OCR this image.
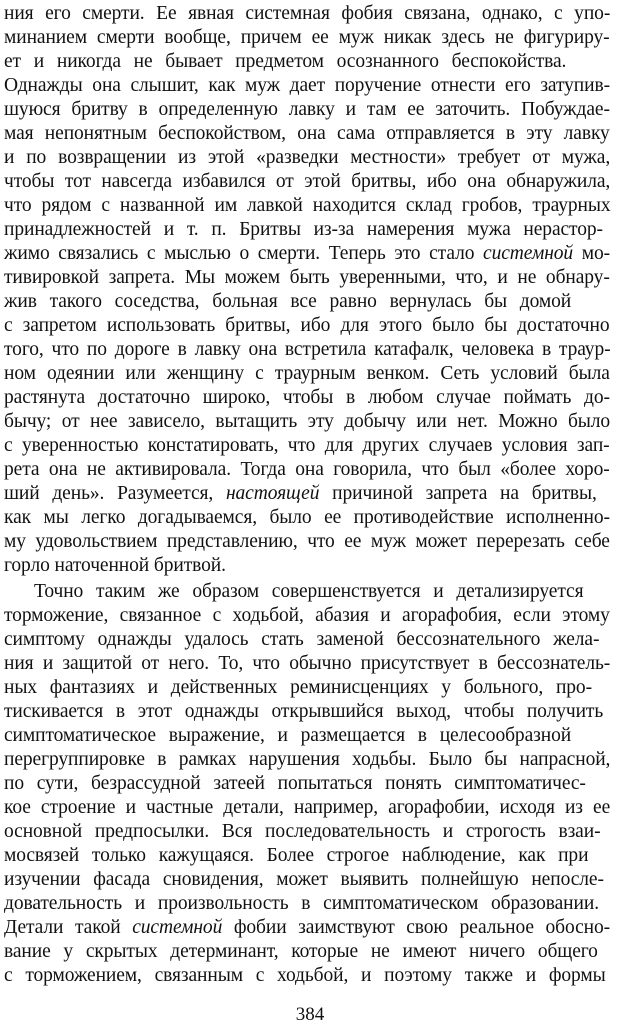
ния его смерти. Ее явная системная фобия связана, однако, с упо-
минанием смерти вообще, причем ее муж никак здесь не фигуриру-
ет и никогда не бывает предметом осознанного беспокойства.
Однажды она слышит, как муж дает поручение отнести его затупив-
шуюся бритву в определенную лавку и там ее заточить. Побуждае-
мая непонятным беспокойством, она сама отправляется в эту лавку
и по возвращении из этой «разведки местности» требует от мужа,
чтобы тот навсегда избавился от этой бритвы, ибо она обнаружила,
что рядом с названной им лавкой находится склад гробов, траурных
принадлежностей и т. п. Бритвы из-за намерения мужа нерастор-
жимо связались с мыслью о смерти. Теперь это стало системной мо-
тивировкой запрета. Мы можем быть уверенными, что, и не обнару-
жив такого соседства, больная все равно вернулась бы домой
с запретом использовать бритвы, ибо для этого было бы достаточно
того, что по дороге в лавку она встретила катафалк, человека в траур-
ном одеянии или женщину с траурным венком. Сеть условий была
растянута достаточно широко, чтобы в любом случае поймать до-
бычу; от нее зависело, вытащить эту добычу или нет. Можно было
с уверенностью констатировать, что для других случаев условия зап-
рета она не активировала. Тогда она говорила, что был «более хоро-
ший день». Разумеется, настоящей причиной запрета на бритвы,
как мы легко догадываемся, было ее противодействие исполненно-
му удовольствием представлению, что ее муж может перерезать себе
горло наточенной бритвой.
Точно таким же образом совершенствуется и детализируется
торможение, связанное с ходьбой, абазия и агорафобия, если этому
симптому однажды удалось стать заменой бессознательного жела-
ния и защитой от него. То, что обычно присутствует в бессознатель-
ных фантазиях и действенных реминисценциях у больного, про-
тискивается в этот однажды открывшийся выход, чтобы получить
симптоматическое выражение, и размещается в целесообразной
перегруппировке в рамках нарушения ходьбы. Было бы напрасной,
по сути, безрассудной затеей попытаться понять симптоматичес-
кое строение и частные детали, например, агорафобии, исходя из ее
основной предпосылки. Вся последовательность и строгость взаи-
мосвязей только кажущаяся. Более строгое наблюдение, как при
изучении фасада сновидения, может выявить полнейшую непосле-
довательность и произвольность в симптоматическом образовании.
Детали такой системной фобии заимствуют свою реальное обосно-
вание у скрытых детерминант, которые не имеют ничего общего
с торможением, связанным с ходьбой, и поэтому также и формы
384
